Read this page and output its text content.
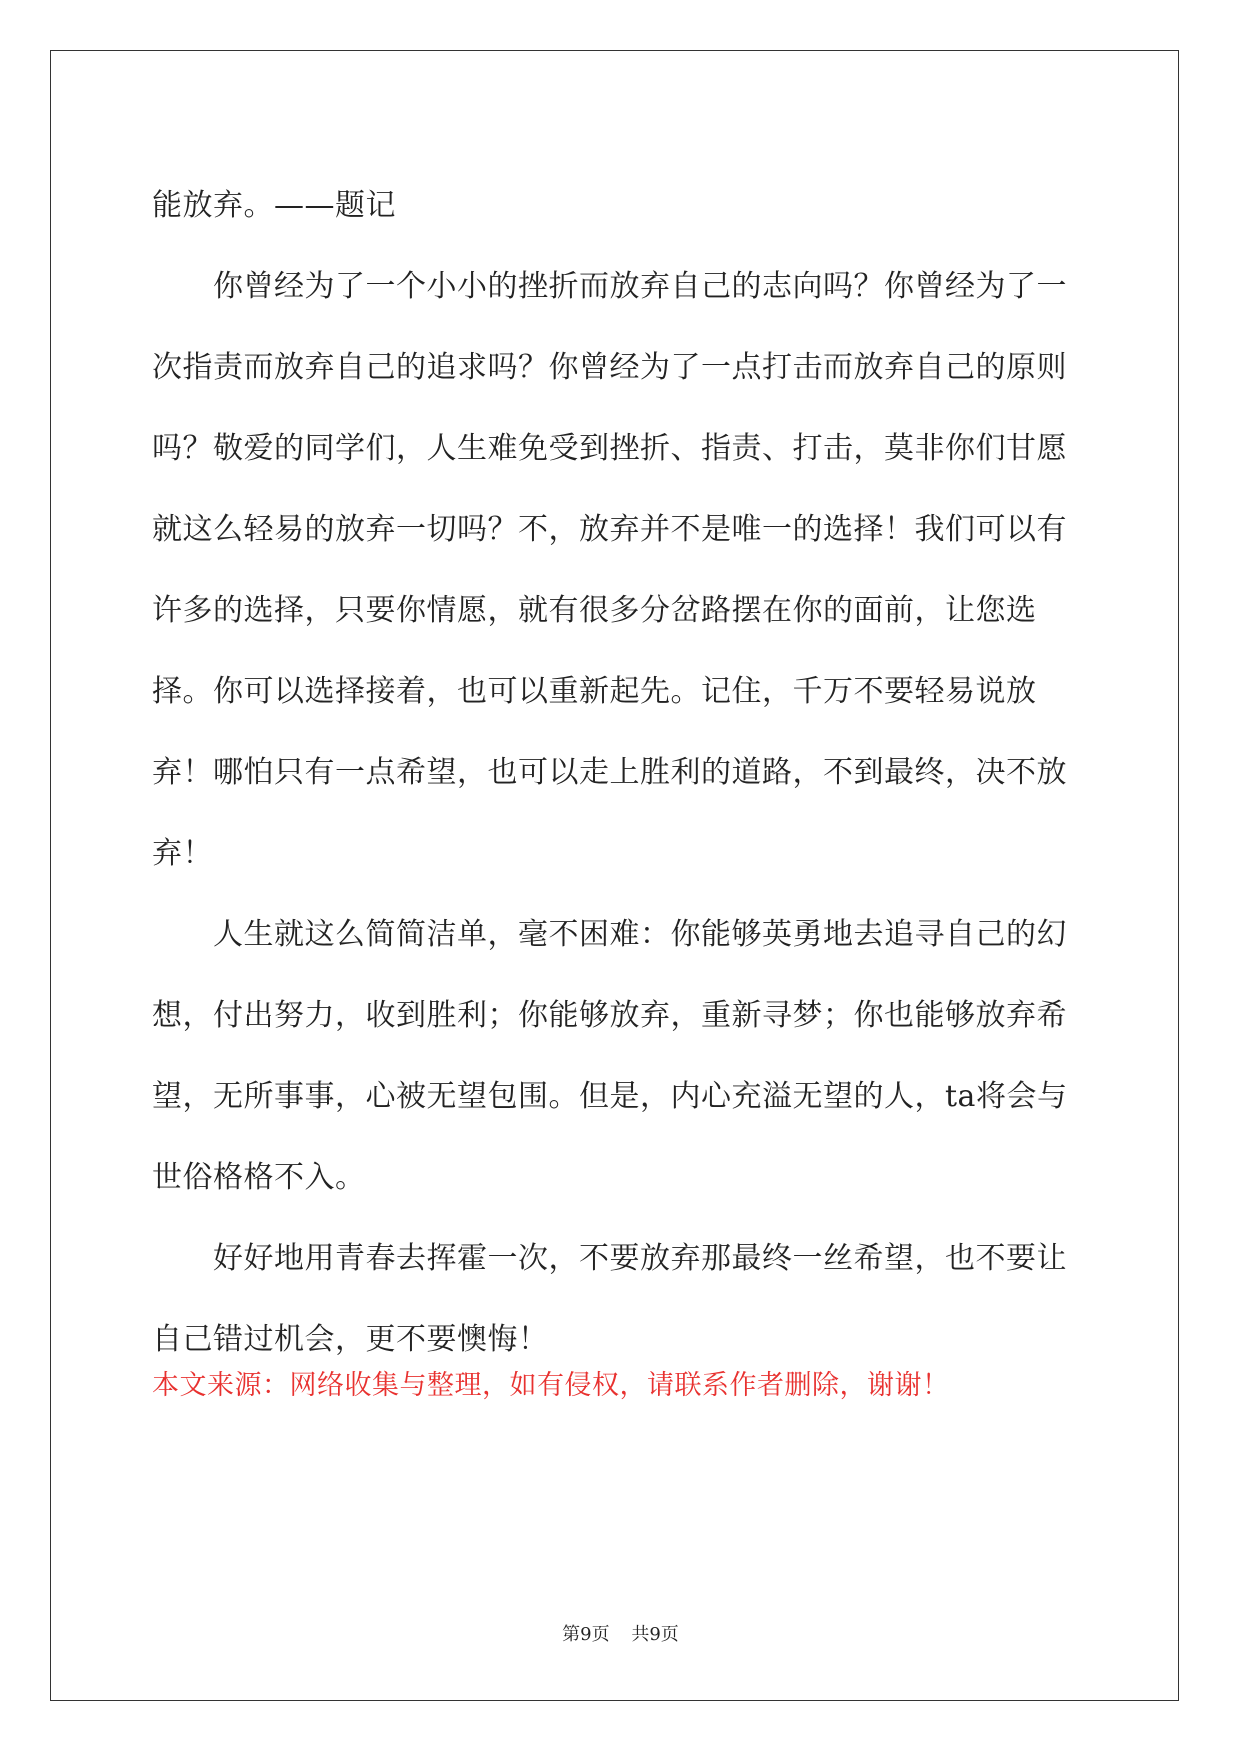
能放弃。——题记

你曾经为了一个小小的挫折而放弃自己的志向吗？你曾经为了一次指责而放弃自己的追求吗？你曾经为了一点打击而放弃自己的原则吗？敬爱的同学们，人生难免受到挫折、指责、打击，莫非你们甘愿就这么轻易的放弃一切吗？不，放弃并不是唯一的选择！我们可以有许多的选择，只要你情愿，就有很多分岔路摆在你的面前，让您选择。你可以选择接着，也可以重新起先。记住，千万不要轻易说放弃！哪怕只有一点希望，也可以走上胜利的道路，不到最终，决不放弃！

人生就这么简简洁单，毫不困难：你能够英勇地去追寻自己的幻想，付出努力，收到胜利；你能够放弃，重新寻梦；你也能够放弃希望，无所事事，心被无望包围。但是，内心充溢无望的人，ta将会与世俗格格不入。

好好地用青春去挥霍一次，不要放弃那最终一丝希望，也不要让自己错过机会，更不要懊悔！

本文来源：网络收集与整理，如有侵权，请联系作者删除，谢谢！
第9页 共9页
